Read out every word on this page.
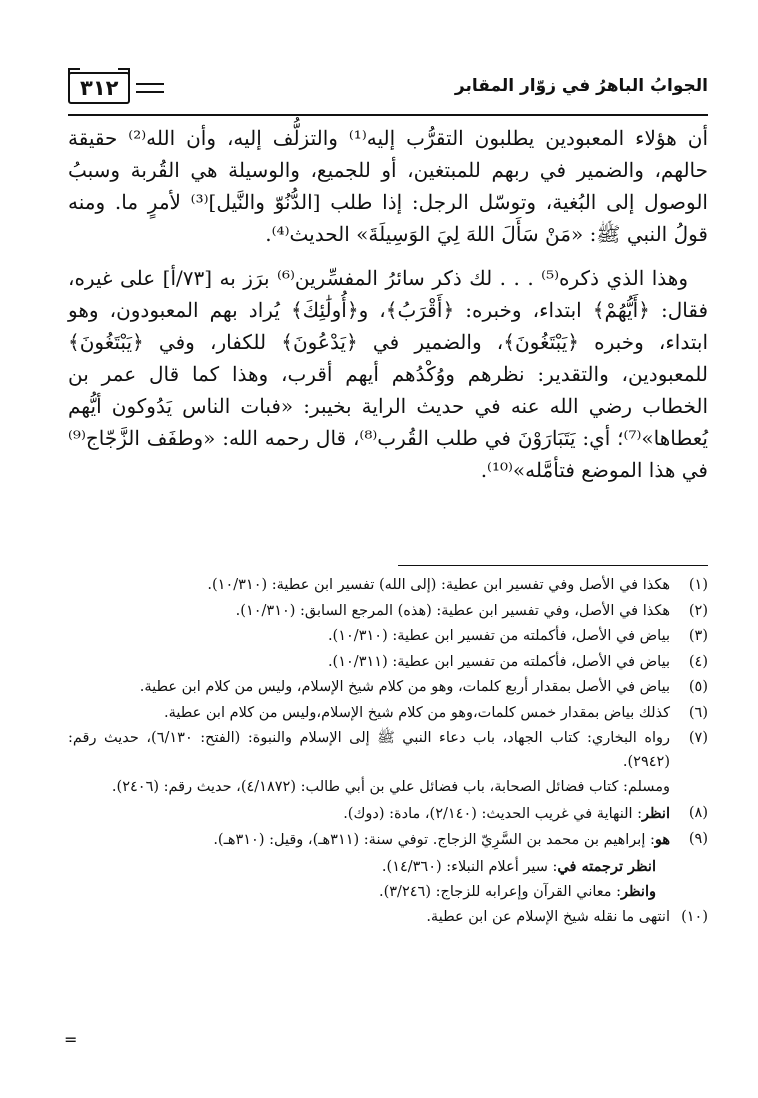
الجوابُ الباهرُ في زوّار المقابر
٣١٢

أن هؤلاء المعبودين يطلبون التقرُّب إليه⁽¹⁾ والتزلُّف إليه، وأن الله⁽²⁾ حقيقة حالهم، والضمير في ربهم للمبتغين، أو للجميع، والوسيلة هي القُربة وسببُ الوصول إلى البُغية، وتوسّل الرجل: إذا طلب [الدُّنُوّ والنَّيل]⁽³⁾ لأمرٍ ما. ومنه قولُ النبي ﷺ: «مَنْ سَأَلَ اللهَ لِيَ الوَسِيلَةَ» الحديث⁽⁴⁾.

وهذا الذي ذكره⁽⁵⁾ . . . لك ذكر سائرُ المفسِّرين⁽⁶⁾ برَز به [٧٣/أ] على غيره، فقال: ﴿أَيُّهُمْ﴾ ابتداء، وخبره: ﴿أَقْرَبُ﴾، و﴿أُولَٰئِكَ﴾ يُراد بهم المعبودون، وهو ابتداء، وخبره ﴿يَبْتَغُونَ﴾، والضمير في ﴿يَدْعُونَ﴾ للكفار، وفي ﴿يَبْتَغُونَ﴾ للمعبودين، والتقدير: نظرهم ووُكْدُهم أيهم أقرب، وهذا كما قال عمر بن الخطاب رضي الله عنه في حديث الراية بخيبر: «فبات الناس يَدُوكون أيُّهم يُعطاها»⁽⁷⁾؛ أي: يَتَبَارَوْنَ في طلب القُرب⁽⁸⁾، قال رحمه الله: «وطفَف الزَّجّاج⁽⁹⁾ في هذا الموضع فتأمَّله»⁽¹⁰⁾.

(١)
هكذا في الأصل وفي تفسير ابن عطية: (إلى الله) تفسير ابن عطية: (١٠/٣١٠).
(٢)
هكذا في الأصل، وفي تفسير ابن عطية: (هذه) المرجع السابق: (١٠/٣١٠).
(٣)
بياض في الأصل، فأكملته من تفسير ابن عطية: (١٠/٣١٠).
(٤)
بياض في الأصل، فأكملته من تفسير ابن عطية: (١٠/٣١١).
(٥)
بياض في الأصل بمقدار أربع كلمات، وهو من كلام شيخ الإسلام، وليس من كلام ابن عطية.
(٦)
كذلك بياض بمقدار خمس كلمات،وهو من كلام شيخ الإسلام،وليس من كلام ابن عطية.
(٧)
رواه البخاري: كتاب الجهاد، باب دعاء النبي ﷺ إلى الإسلام والنبوة: (الفتح: ٦/١٣٠)، حديث رقم: (٢٩٤٢).
ومسلم: كتاب فضائل الصحابة، باب فضائل علي بن أبي طالب: (٤/١٨٧٢)، حديث رقم: (٢٤٠٦).
(٨)
انظر: النهاية في غريب الحديث: (٢/١٤٠)، مادة: (دوك).
(٩)
هو: إبراهيم بن محمد بن السَّرِيّ الزجاج. توفي سنة: (٣١١هـ)، وقيل: (٣١٠هـ).
انظر ترجمته في: سير أعلام النبلاء: (١٤/٣٦٠).
وانظر: معاني القرآن وإعرابه للزجاج: (٣/٢٤٦).
(١٠)
انتهى ما نقله شيخ الإسلام عن ابن عطية.
=
